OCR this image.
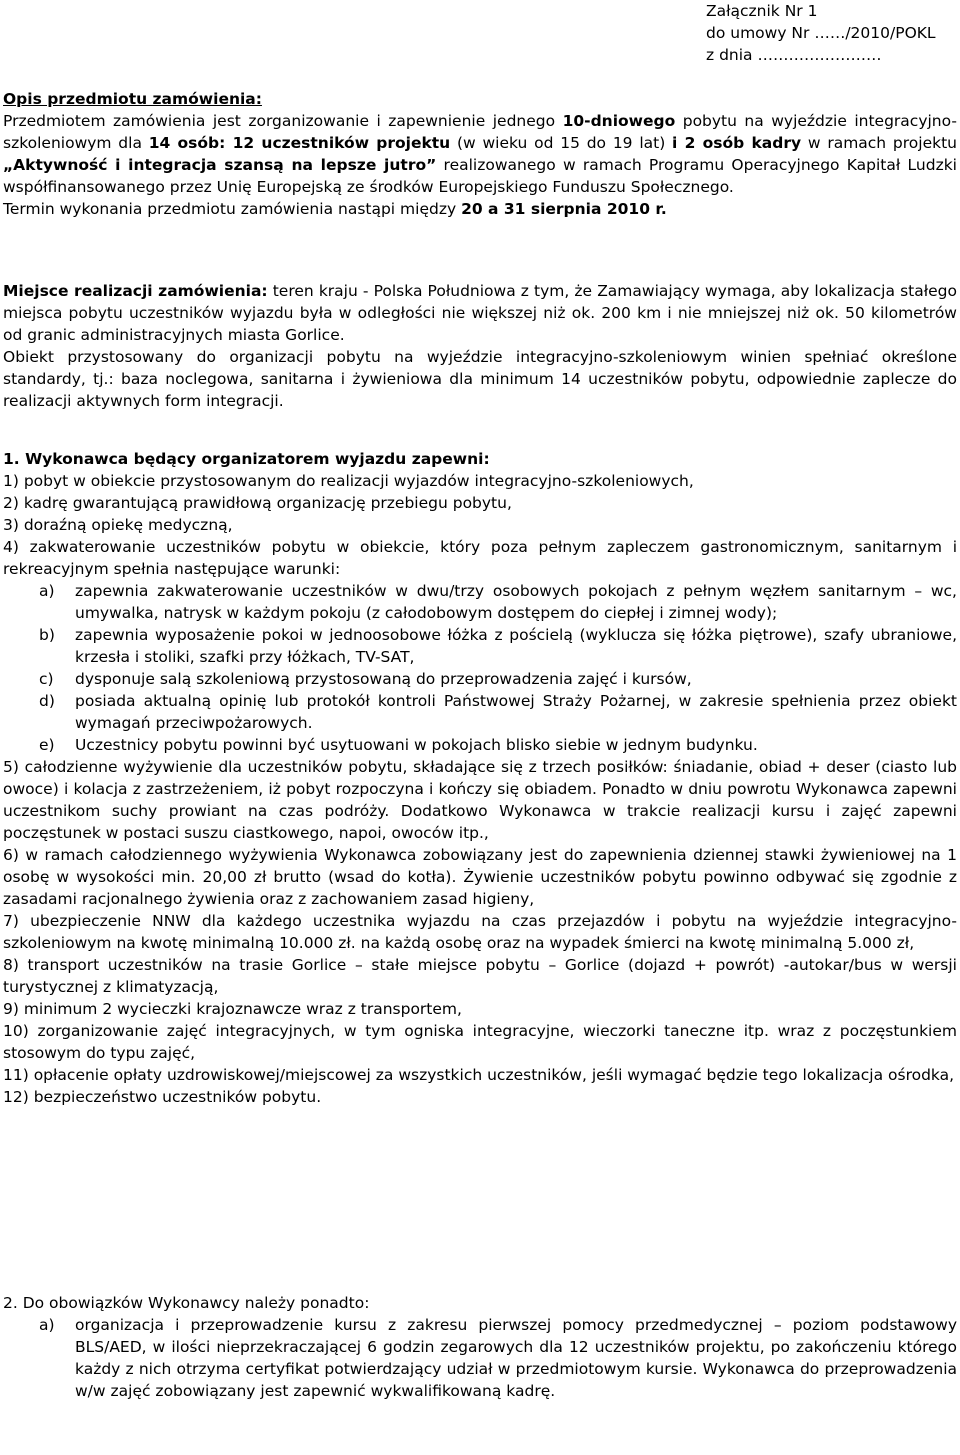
Załącznik Nr 1
do umowy Nr ……/2010/POKL
z dnia ……………………
Opis przedmiotu zamówienia:

Przedmiotem zamówienia jest zorganizowanie i zapewnienie jednego 10-dniowego pobytu na wyjeździe integracyjno-szkoleniowym dla 14 osób: 12 uczestników projektu (w wieku od 15 do 19 lat) i 2 osób kadry w ramach projektu „Aktywność i integracja szansą na lepsze jutro” realizowanego w ramach Programu Operacyjnego Kapitał Ludzki współfinansowanego przez Unię Europejską ze środków Europejskiego Funduszu Społecznego.

Termin wykonania przedmiotu zamówienia nastąpi między 20 a 31 sierpnia 2010 r.

Miejsce realizacji zamówienia: teren kraju - Polska Południowa z tym, że Zamawiający wymaga, aby lokalizacja stałego miejsca pobytu uczestników wyjazdu była w odległości nie większej niż ok. 200 km i nie mniejszej niż ok. 50 kilometrów od granic administracyjnych miasta Gorlice.

Obiekt przystosowany do organizacji pobytu na wyjeździe integracyjno-szkoleniowym winien spełniać określone standardy, tj.: baza noclegowa, sanitarna i żywieniowa dla minimum 14 uczestników pobytu, odpowiednie zaplecze do realizacji aktywnych form integracji.

1. Wykonawca będący organizatorem wyjazdu zapewni:

1) pobyt w obiekcie przystosowanym do realizacji wyjazdów integracyjno-szkoleniowych,

2) kadrę gwarantującą prawidłową organizację przebiegu pobytu,

3) doraźną opiekę medyczną,

4) zakwaterowanie uczestników pobytu w obiekcie, który poza pełnym zapleczem gastronomicznym, sanitarnym i rekreacyjnym spełnia następujące warunki:

a)	zapewnia zakwaterowanie uczestników w dwu/trzy osobowych pokojach z pełnym węzłem sanitarnym – wc, umywalka, natrysk w każdym pokoju (z całodobowym dostępem do ciepłej i zimnej wody);
b)	zapewnia wyposażenie pokoi w jednoosobowe łóżka z pościelą (wyklucza się łóżka piętrowe), szafy ubraniowe, krzesła i stoliki, szafki przy łóżkach, TV-SAT,
c)	dysponuje salą szkoleniową przystosowaną do przeprowadzenia zajęć i kursów,
d)	posiada aktualną opinię lub protokół kontroli Państwowej Straży Pożarnej, w zakresie spełnienia przez obiekt wymagań przeciwpożarowych.
e)	Uczestnicy pobytu powinni być usytuowani w pokojach blisko siebie w jednym budynku.

5) całodzienne wyżywienie dla uczestników pobytu, składające się z trzech posiłków: śniadanie, obiad + deser (ciasto lub owoce) i kolacja z zastrzeżeniem, iż pobyt rozpoczyna i kończy się obiadem. Ponadto w dniu powrotu Wykonawca zapewni uczestnikom suchy prowiant na czas podróży. Dodatkowo Wykonawca w trakcie realizacji kursu i zajęć zapewni poczęstunek w postaci suszu ciastkowego, napoi, owoców itp.,

6) w ramach całodziennego wyżywienia Wykonawca zobowiązany jest do zapewnienia dziennej stawki żywieniowej na 1 osobę w wysokości min. 20,00 zł brutto (wsad do kotła). Żywienie uczestników pobytu powinno odbywać się zgodnie z zasadami racjonalnego żywienia oraz z zachowaniem zasad higieny,

7) ubezpieczenie NNW dla każdego uczestnika wyjazdu na czas przejazdów i pobytu na wyjeździe integracyjno-szkoleniowym na kwotę minimalną 10.000 zł. na każdą osobę oraz na wypadek śmierci na kwotę minimalną 5.000 zł,

8) transport uczestników na trasie Gorlice – stałe miejsce pobytu – Gorlice (dojazd + powrót) -autokar/bus w wersji turystycznej z klimatyzacją,

9) minimum 2 wycieczki krajoznawcze wraz z transportem,

10) zorganizowanie zajęć integracyjnych, w tym ogniska integracyjne, wieczorki taneczne itp. wraz z poczęstunkiem stosowym do typu zajęć,

11) opłacenie opłaty uzdrowiskowej/miejscowej za wszystkich uczestników, jeśli wymagać będzie tego lokalizacja ośrodka,

12) bezpieczeństwo uczestników pobytu.

2. Do obowiązków Wykonawcy należy ponadto:

a)	organizacja i przeprowadzenie kursu z zakresu pierwszej pomocy przedmedycznej – poziom podstawowy BLS/AED, w ilości nieprzekraczającej 6 godzin zegarowych dla 12 uczestników projektu, po zakończeniu którego każdy z nich otrzyma certyfikat potwierdzający udział w przedmiotowym kursie. Wykonawca do przeprowadzenia w/w zajęć zobowiązany jest zapewnić wykwalifikowaną kadrę.
